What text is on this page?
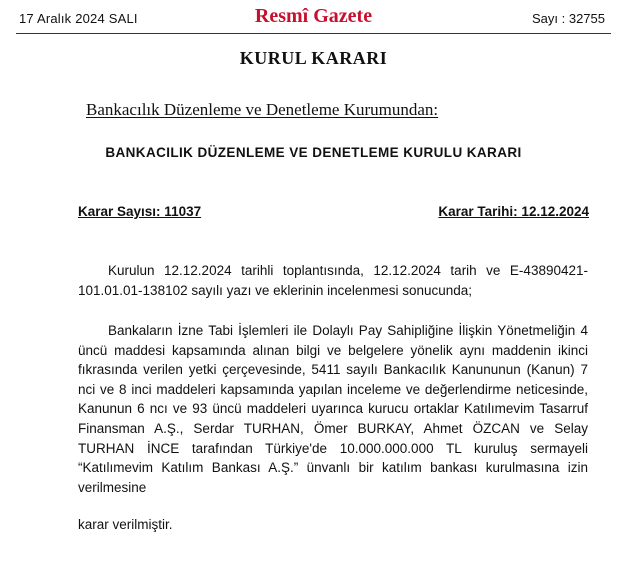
17 Aralık 2024 SALI	Resmî Gazete	Sayı : 32755
KURUL KARARI
Bankacılık Düzenleme ve Denetleme Kurumundan:
BANKACILIK DÜZENLEME VE DENETLEME KURULU KARARI
Karar Sayısı: 11037	Karar Tarihi: 12.12.2024
Kurulun 12.12.2024 tarihli toplantısında, 12.12.2024 tarih ve E-43890421-
101.01.01-138102 sayılı yazı ve eklerinin incelenmesi sonucunda;
Bankaların İzne Tabi İşlemleri ile Dolaylı Pay Sahipliğine İlişkin Yönetmeliğin 4
üncü maddesi kapsamında alınan bilgi ve belgelere yönelik aynı maddenin ikinci
fıkrasında verilen yetki çerçevesinde, 5411 sayılı Bankacılık Kanununun (Kanun) 7
nci ve 8 inci maddeleri kapsamında yapılan inceleme ve değerlendirme neticesinde,
Kanunun 6 ncı ve 93 üncü maddeleri uyarınca kurucu ortaklar Katılımevim Tasarruf
Finansman A.Ş., Serdar TURHAN, Ömer BURKAY, Ahmet ÖZCAN ve Selay
TURHAN İNCE tarafından Türkiye'de 10.000.000.000 TL kuruluş sermayeli
“Katılımevim Katılım Bankası A.Ş.” ünvanlı bir katılım bankası kurulmasına izin
verilmesine
karar verilmiştir.
